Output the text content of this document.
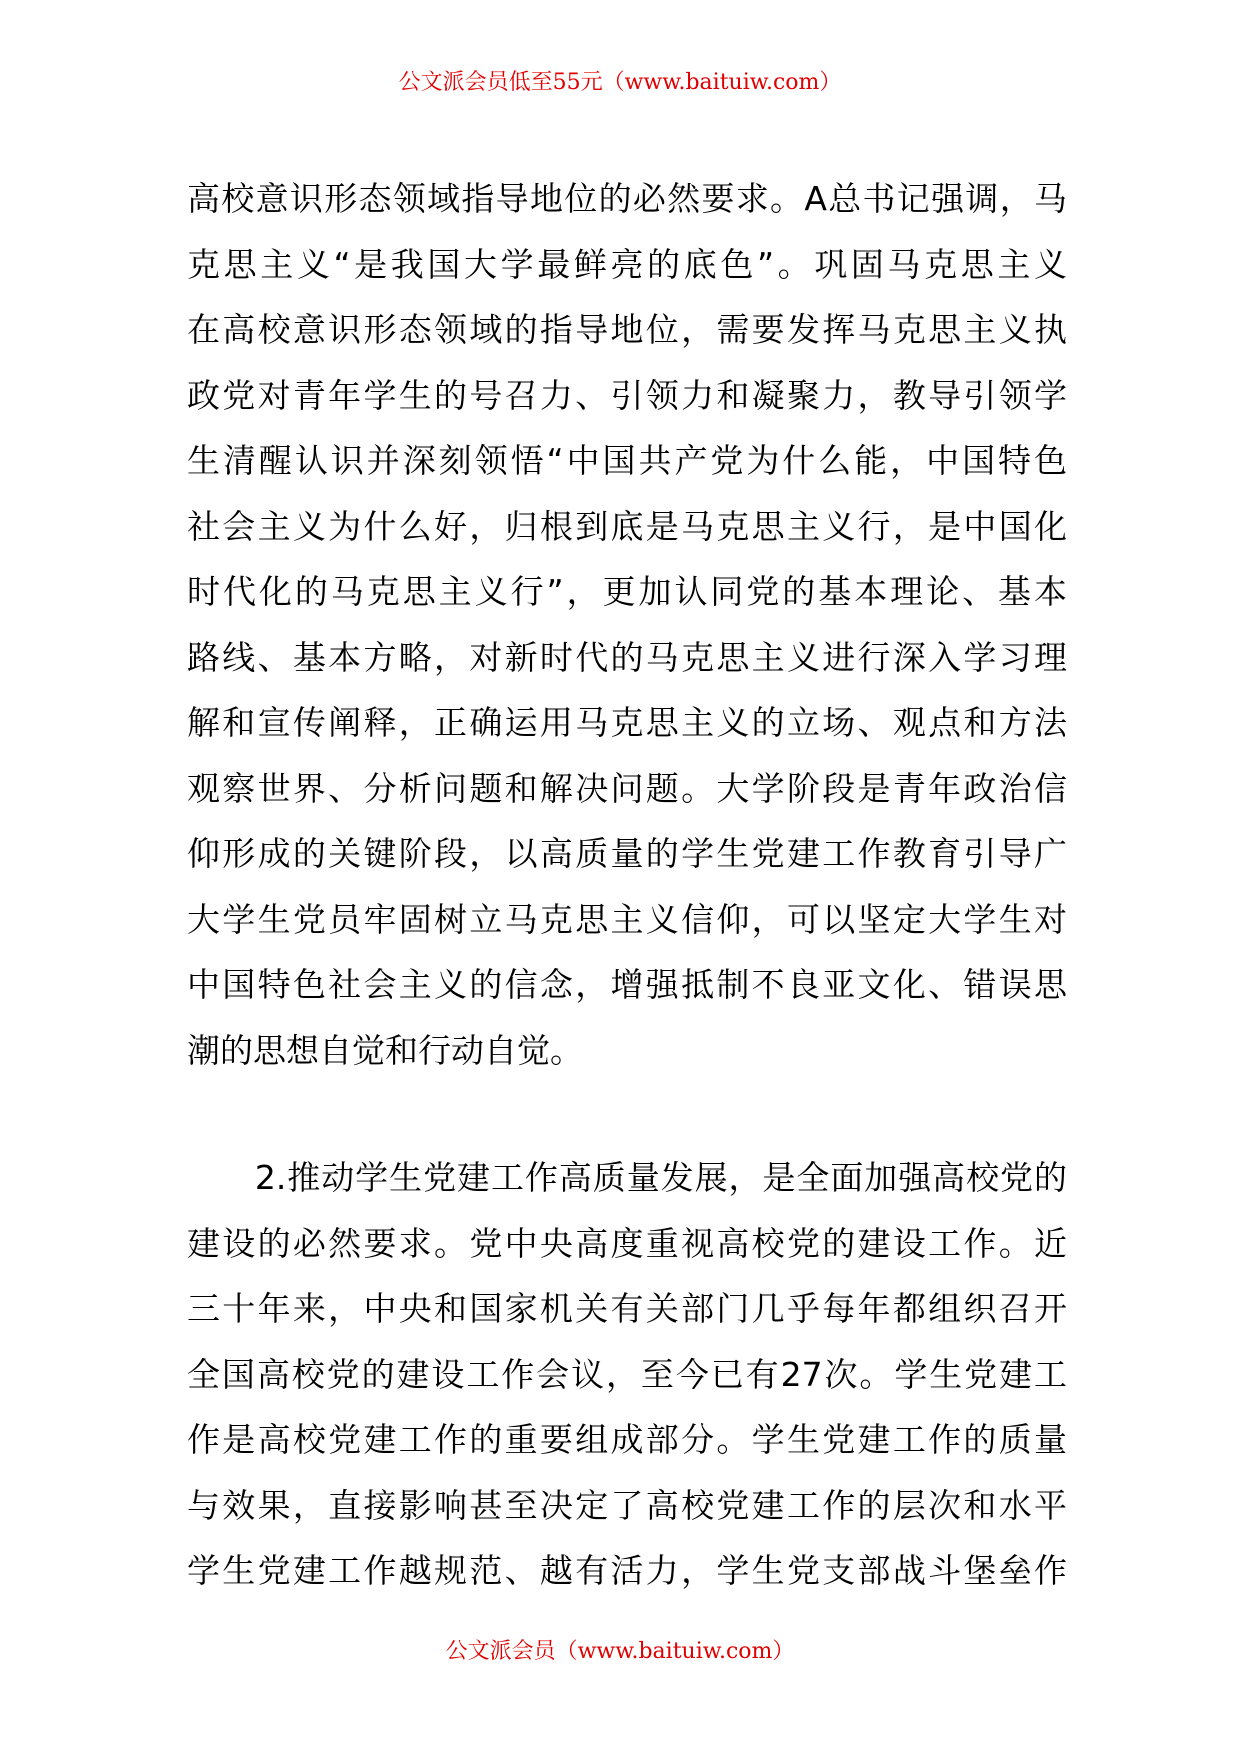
公文派会员低至55元（www.baituiw.com）
高校意识形态领域指导地位的必然要求。A总书记强调，马
克思主义“是我国大学最鲜亮的底色”。巩固马克思主义
在高校意识形态领域的指导地位，需要发挥马克思主义执
政党对青年学生的号召力、引领力和凝聚力，教导引领学
生清醒认识并深刻领悟“中国共产党为什么能，中国特色
社会主义为什么好，归根到底是马克思主义行，是中国化
时代化的马克思主义行”，更加认同党的基本理论、基本
路线、基本方略，对新时代的马克思主义进行深入学习理
解和宣传阐释，正确运用马克思主义的立场、观点和方法
观察世界、分析问题和解决问题。大学阶段是青年政治信
仰形成的关键阶段，以高质量的学生党建工作教育引导广
大学生党员牢固树立马克思主义信仰，可以坚定大学生对
中国特色社会主义的信念，增强抵制不良亚文化、错误思
潮的思想自觉和行动自觉。
　　2.推动学生党建工作高质量发展，是全面加强高校党的
建设的必然要求。党中央高度重视高校党的建设工作。近
三十年来，中央和国家机关有关部门几乎每年都组织召开
全国高校党的建设工作会议，至今已有27次。学生党建工
作是高校党建工作的重要组成部分。学生党建工作的质量
与效果，直接影响甚至决定了高校党建工作的层次和水平
学生党建工作越规范、越有活力，学生党支部战斗堡垒作
公文派会员（www.baituiw.com）
